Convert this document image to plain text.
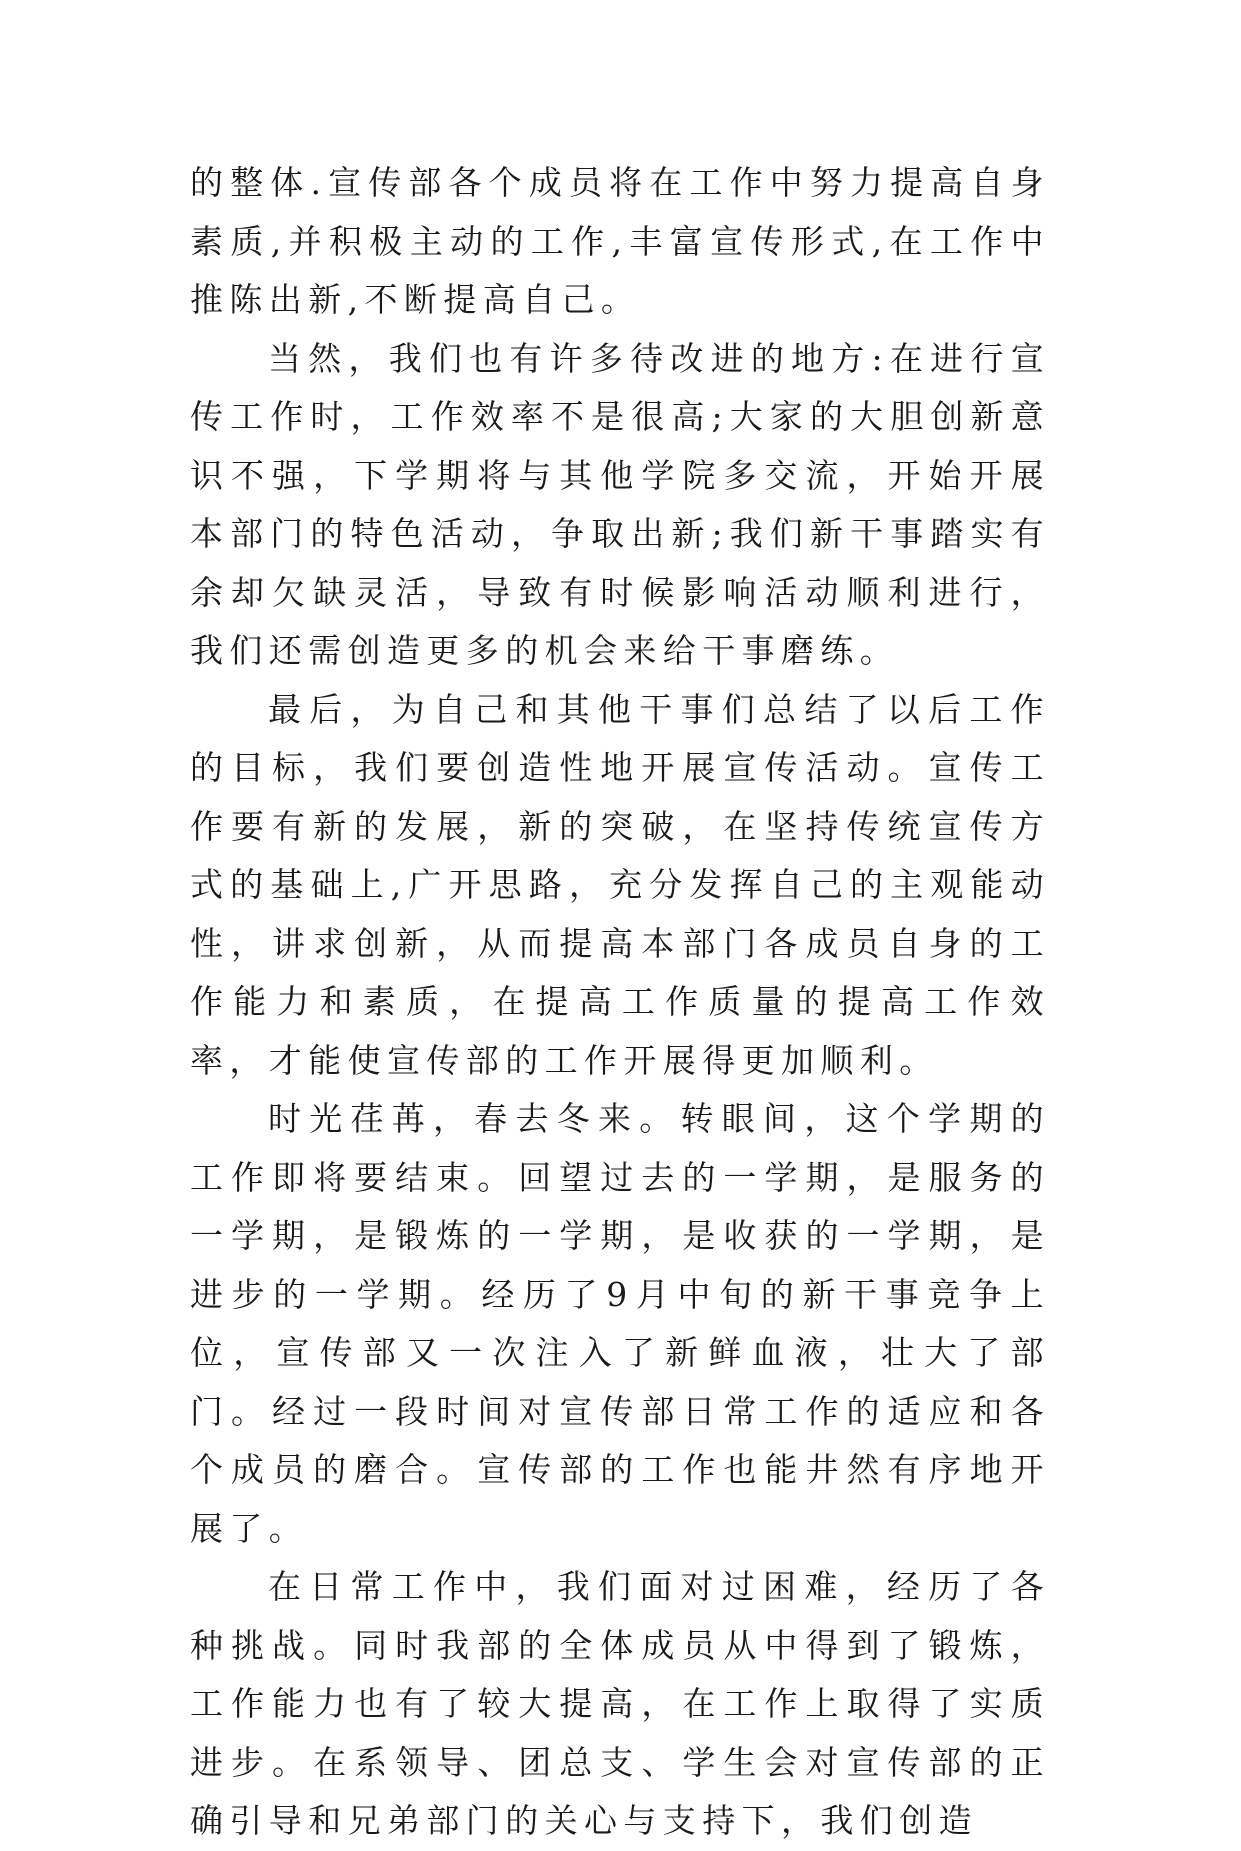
的整体.宣传部各个成员将在工作中努力提高自身素质,并积极主动的工作,丰富宣传形式,在工作中推陈出新,不断提高自己。

当然，我们也有许多待改进的地方:在进行宣传工作时，工作效率不是很高;大家的大胆创新意识不强，下学期将与其他学院多交流，开始开展本部门的特色活动，争取出新;我们新干事踏实有余却欠缺灵活，导致有时候影响活动顺利进行，我们还需创造更多的机会来给干事磨练。

最后，为自己和其他干事们总结了以后工作的目标，我们要创造性地开展宣传活动。宣传工作要有新的发展，新的突破，在坚持传统宣传方式的基础上,广开思路，充分发挥自己的主观能动性，讲求创新，从而提高本部门各成员自身的工作能力和素质，在提高工作质量的提高工作效率，才能使宣传部的工作开展得更加顺利。

时光荏苒，春去冬来。转眼间，这个学期的工作即将要结束。回望过去的一学期，是服务的一学期，是锻炼的一学期，是收获的一学期，是进步的一学期。经历了9月中旬的新干事竞争上位，宣传部又一次注入了新鲜血液，壮大了部门。经过一段时间对宣传部日常工作的适应和各个成员的磨合。宣传部的工作也能井然有序地开展了。

在日常工作中，我们面对过困难，经历了各种挑战。同时我部的全体成员从中得到了锻炼，工作能力也有了较大提高，在工作上取得了实质进步。在系领导、团总支、学生会对宣传部的正确引导和兄弟部门的关心与支持下，我们创造
